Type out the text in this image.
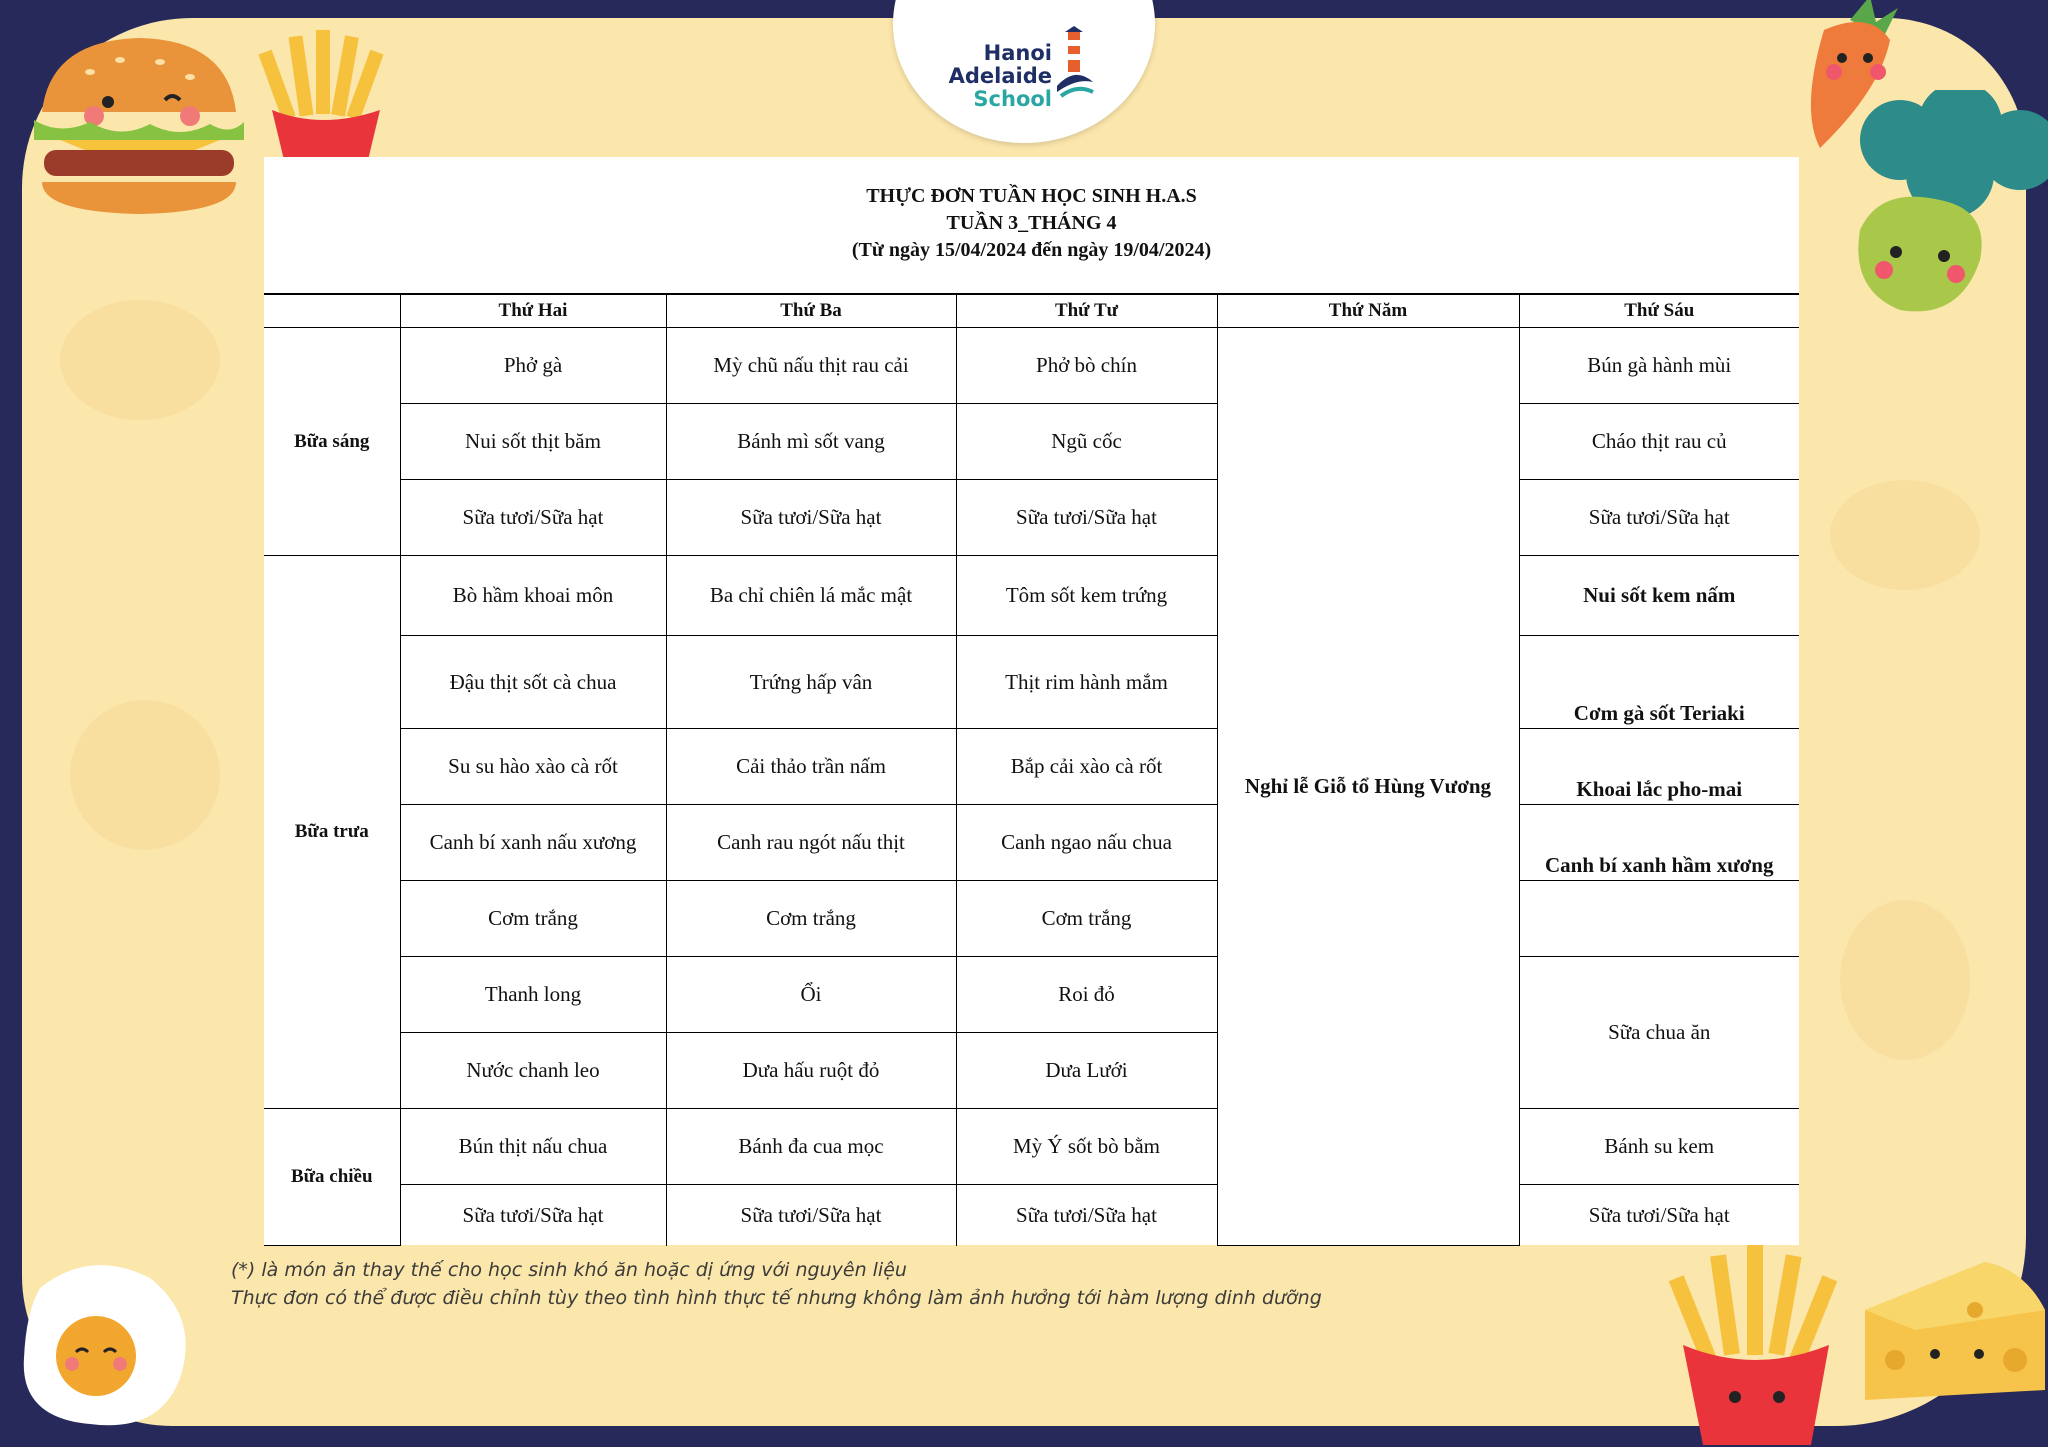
Hanoi
Adelaide
School
THỰC ĐƠN TUẦN HỌC SINH H.A.S
TUẦN 3_THÁNG 4
(Từ ngày 15/04/2024 đến ngày 19/04/2024)
	Thứ Hai	Thứ Ba	Thứ Tư	Thứ Năm	Thứ Sáu
Bữa sáng	Phở gà	Mỳ chũ nấu thịt rau cải	Phở bò chín	Nghỉ lễ Giỗ tổ Hùng Vương	Bún gà hành mùi
	Nui sốt thịt băm	Bánh mì sốt vang	Ngũ cốc		Cháo thịt rau củ
	Sữa tươi/Sữa hạt	Sữa tươi/Sữa hạt	Sữa tươi/Sữa hạt		Sữa tươi/Sữa hạt
Bữa trưa	Bò hầm khoai môn	Ba chỉ chiên lá mắc mật	Tôm sốt kem trứng		Nui sốt kem nấm
	Đậu thịt sốt cà chua	Trứng hấp vân	Thịt rim hành mắm		Cơm gà sốt Teriaki
	Su su hào xào cà rốt	Cải thảo trần nấm	Bắp cải xào cà rốt		Khoai lắc pho-mai
	Canh bí xanh nấu xương	Canh rau ngót nấu thịt	Canh ngao nấu chua		Canh bí xanh hầm xương
	Cơm trắng	Cơm trắng	Cơm trắng		
	Thanh long	Ổi	Roi đỏ		Sữa chua ăn
	Nước chanh leo	Dưa hấu ruột đỏ	Dưa Lưới		

Bữa chiều	Bún thịt nấu chua	Bánh đa cua mọc	Mỳ Ý sốt bò bằm		Bánh su kem
	Sữa tươi/Sữa hạt	Sữa tươi/Sữa hạt	Sữa tươi/Sữa hạt		Sữa tươi/Sữa hạt
(*) là món ăn thay thế cho học sinh khó ăn hoặc dị ứng với nguyên liệu
Thực đơn có thể được điều chỉnh tùy theo tình hình thực tế nhưng không làm ảnh hưởng tới hàm lượng dinh dưỡng
